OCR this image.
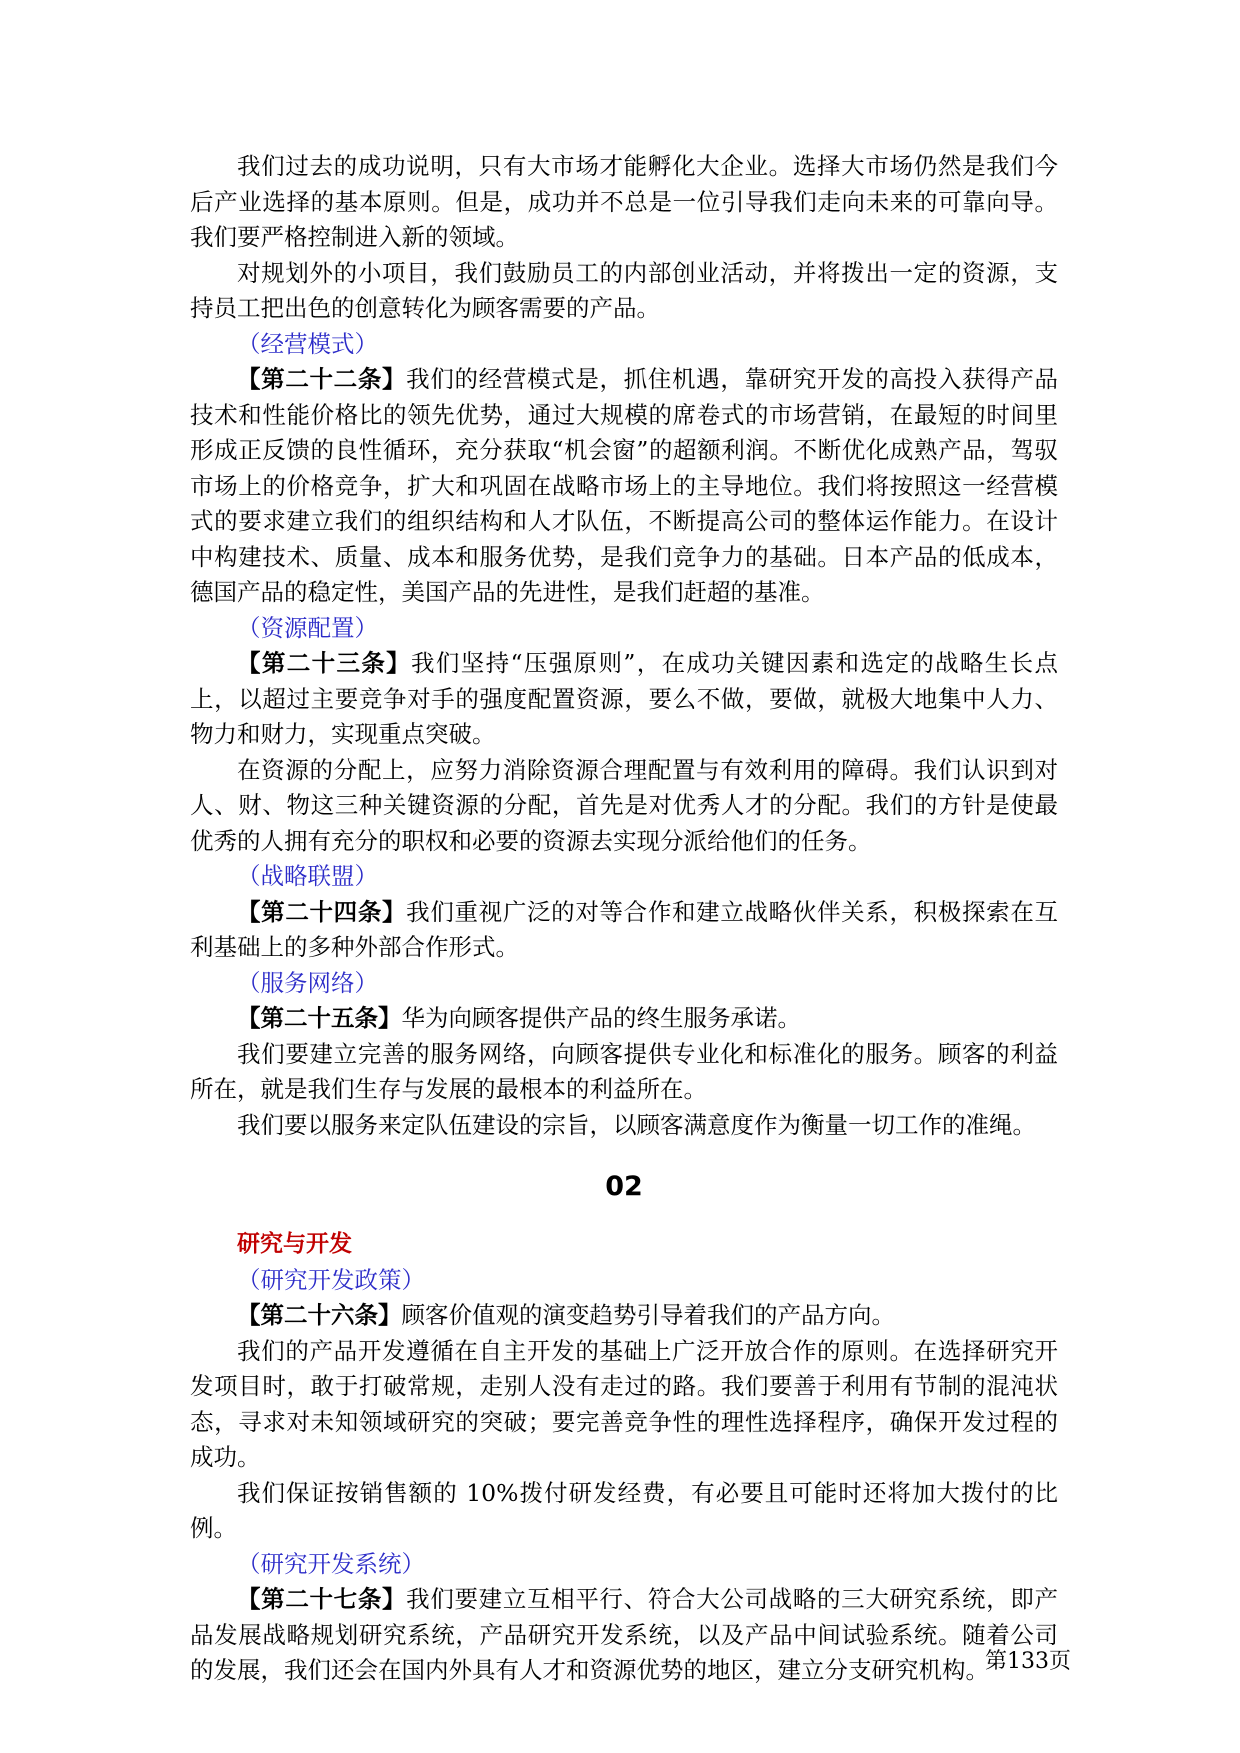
我们过去的成功说明，只有大市场才能孵化大企业。选择大市场仍然是我们今后产业选择的基本原则。但是，成功并不总是一位引导我们走向未来的可靠向导。我们要严格控制进入新的领域。

对规划外的小项目，我们鼓励员工的内部创业活动，并将拨出一定的资源，支持员工把出色的创意转化为顾客需要的产品。

（经营模式）

【第二十二条】我们的经营模式是，抓住机遇，靠研究开发的高投入获得产品技术和性能价格比的领先优势，通过大规模的席卷式的市场营销，在最短的时间里形成正反馈的良性循环，充分获取“机会窗”的超额利润。不断优化成熟产品，驾驭市场上的价格竞争，扩大和巩固在战略市场上的主导地位。我们将按照这一经营模式的要求建立我们的组织结构和人才队伍，不断提高公司的整体运作能力。在设计中构建技术、质量、成本和服务优势，是我们竞争力的基础。日本产品的低成本，德国产品的稳定性，美国产品的先进性，是我们赶超的基准。

（资源配置）

【第二十三条】我们坚持“压强原则”，在成功关键因素和选定的战略生长点上，以超过主要竞争对手的强度配置资源，要么不做，要做，就极大地集中人力、物力和财力，实现重点突破。

在资源的分配上，应努力消除资源合理配置与有效利用的障碍。我们认识到对人、财、物这三种关键资源的分配，首先是对优秀人才的分配。我们的方针是使最优秀的人拥有充分的职权和必要的资源去实现分派给他们的任务。

（战略联盟）

【第二十四条】我们重视广泛的对等合作和建立战略伙伴关系，积极探索在互利基础上的多种外部合作形式。

（服务网络）

【第二十五条】华为向顾客提供产品的终生服务承诺。

我们要建立完善的服务网络，向顾客提供专业化和标准化的服务。顾客的利益所在，就是我们生存与发展的最根本的利益所在。

我们要以服务来定队伍建设的宗旨，以顾客满意度作为衡量一切工作的准绳。

02

研究与开发

（研究开发政策）

【第二十六条】顾客价值观的演变趋势引导着我们的产品方向。

我们的产品开发遵循在自主开发的基础上广泛开放合作的原则。在选择研究开发项目时，敢于打破常规，走别人没有走过的路。我们要善于利用有节制的混沌状态，寻求对未知领域研究的突破；要完善竞争性的理性选择程序，确保开发过程的成功。

我们保证按销售额的 10%拨付研发经费，有必要且可能时还将加大拨付的比例。

（研究开发系统）

【第二十七条】我们要建立互相平行、符合大公司战略的三大研究系统，即产品发展战略规划研究系统，产品研究开发系统，以及产品中间试验系统。随着公司的发展，我们还会在国内外具有人才和资源优势的地区，建立分支研究机构。

第133页
